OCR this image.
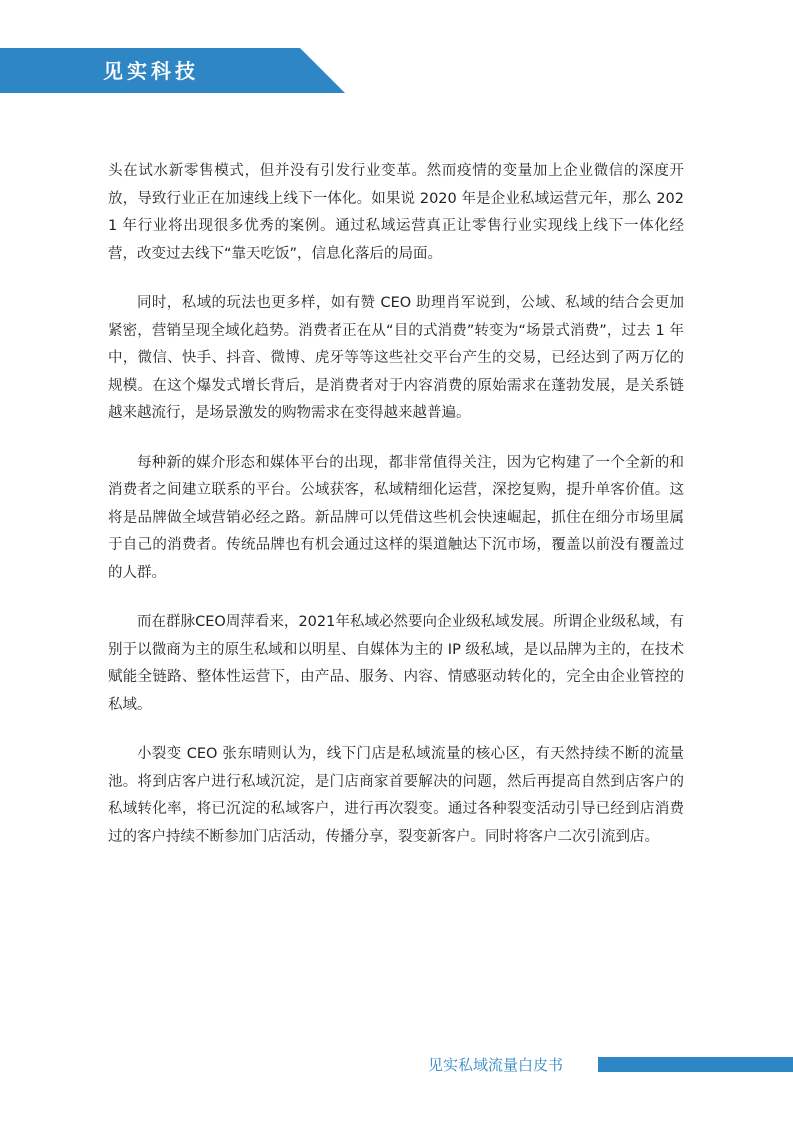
见实科技

头在试水新零售模式，但并没有引发行业变革。然而疫情的变量加上企业微信的深度开放，导致行业正在加速线上线下一体化。如果说 2020 年是企业私域运营元年，那么 2021 年行业将出现很多优秀的案例。通过私域运营真正让零售行业实现线上线下一体化经营，改变过去线下“靠天吃饭”，信息化落后的局面。

同时，私域的玩法也更多样，如有赞 CEO 助理肖军说到，公域、私域的结合会更加紧密，营销呈现全域化趋势。消费者正在从“目的式消费”转变为“场景式消费”，过去 1 年中，微信、快手、抖音、微博、虎牙等等这些社交平台产生的交易，已经达到了两万亿的规模。在这个爆发式增长背后，是消费者对于内容消费的原始需求在蓬勃发展，是关系链越来越流行，是场景激发的购物需求在变得越来越普遍。

每种新的媒介形态和媒体平台的出现，都非常值得关注，因为它构建了一个全新的和消费者之间建立联系的平台。公域获客，私域精细化运营，深挖复购，提升单客价值。这将是品牌做全域营销必经之路。新品牌可以凭借这些机会快速崛起，抓住在细分市场里属于自己的消费者。传统品牌也有机会通过这样的渠道触达下沉市场，覆盖以前没有覆盖过的人群。

而在群脉CEO周萍看来，2021年私域必然要向企业级私域发展。所谓企业级私域，有别于以微商为主的原生私域和以明星、自媒体为主的 IP 级私域，是以品牌为主的，在技术赋能全链路、整体性运营下，由产品、服务、内容、情感驱动转化的，完全由企业管控的私域。

小裂变 CEO 张东晴则认为，线下门店是私域流量的核心区，有天然持续不断的流量池。将到店客户进行私域沉淀，是门店商家首要解决的问题，然后再提高自然到店客户的私域转化率，将已沉淀的私域客户，进行再次裂变。通过各种裂变活动引导已经到店消费过的客户持续不断参加门店活动，传播分享，裂变新客户。同时将客户二次引流到店。

见实私域流量白皮书
